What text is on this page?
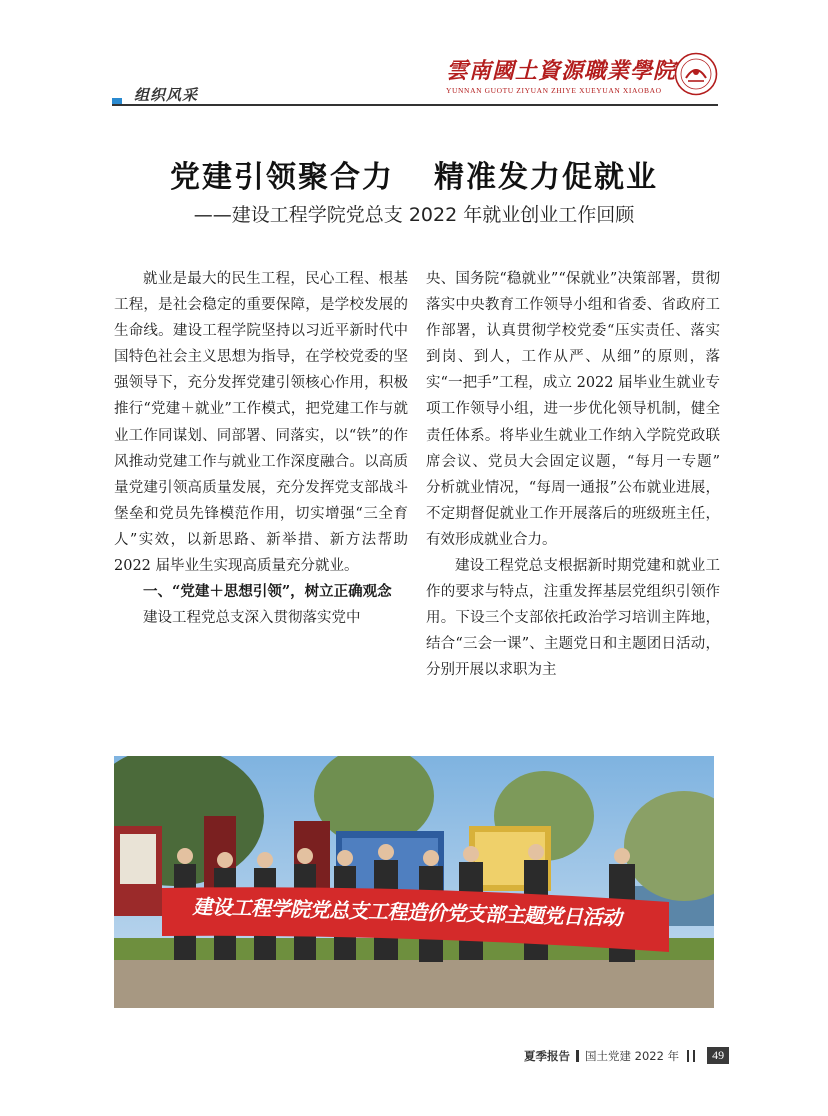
组织风采
雲南國土資源職業學院
YUNNAN GUOTU ZIYUAN ZHIYE XUEYUAN XIAOBAO
党建引领聚合力 精准发力促就业
——建设工程学院党总支 2022 年就业创业工作回顾

就业是最大的民生工程，民心工程、根基工程，是社会稳定的重要保障，是学校发展的生命线。建设工程学院坚持以习近平新时代中国特色社会主义思想为指导，在学校党委的坚强领导下，充分发挥党建引领核心作用，积极推行“党建＋就业”工作模式，把党建工作与就业工作同谋划、同部署、同落实，以“铁”的作风推动党建工作与就业工作深度融合。以高质量党建引领高质量发展，充分发挥党支部战斗堡垒和党员先锋模范作用，切实增强“三全育人”实效，以新思路、新举措、新方法帮助 2022 届毕业生实现高质量充分就业。

一、“党建＋思想引领”，树立正确观念

建设工程党总支深入贯彻落实党中

央、国务院“稳就业”“保就业”决策部署，贯彻落实中央教育工作领导小组和省委、省政府工作部署，认真贯彻学校党委“压实责任、落实到岗、到人，工作从严、从细”的原则，落实“一把手”工程，成立 2022 届毕业生就业专项工作领导小组，进一步优化领导机制，健全责任体系。将毕业生就业工作纳入学院党政联席会议、党员大会固定议题，“每月一专题” 分析就业情况，“每周一通报”公布就业进展，不定期督促就业工作开展落后的班级班主任，有效形成就业合力。

建设工程党总支根据新时期党建和就业工作的要求与特点，注重发挥基层党组织引领作用。下设三个支部依托政治学习培训主阵地，结合“三会一课”、主题党日和主题团日活动，分别开展以求职为主

建设工程学院党总支工程造价党支部主题党日活动
夏季报告 国土党建 2022 年	49
